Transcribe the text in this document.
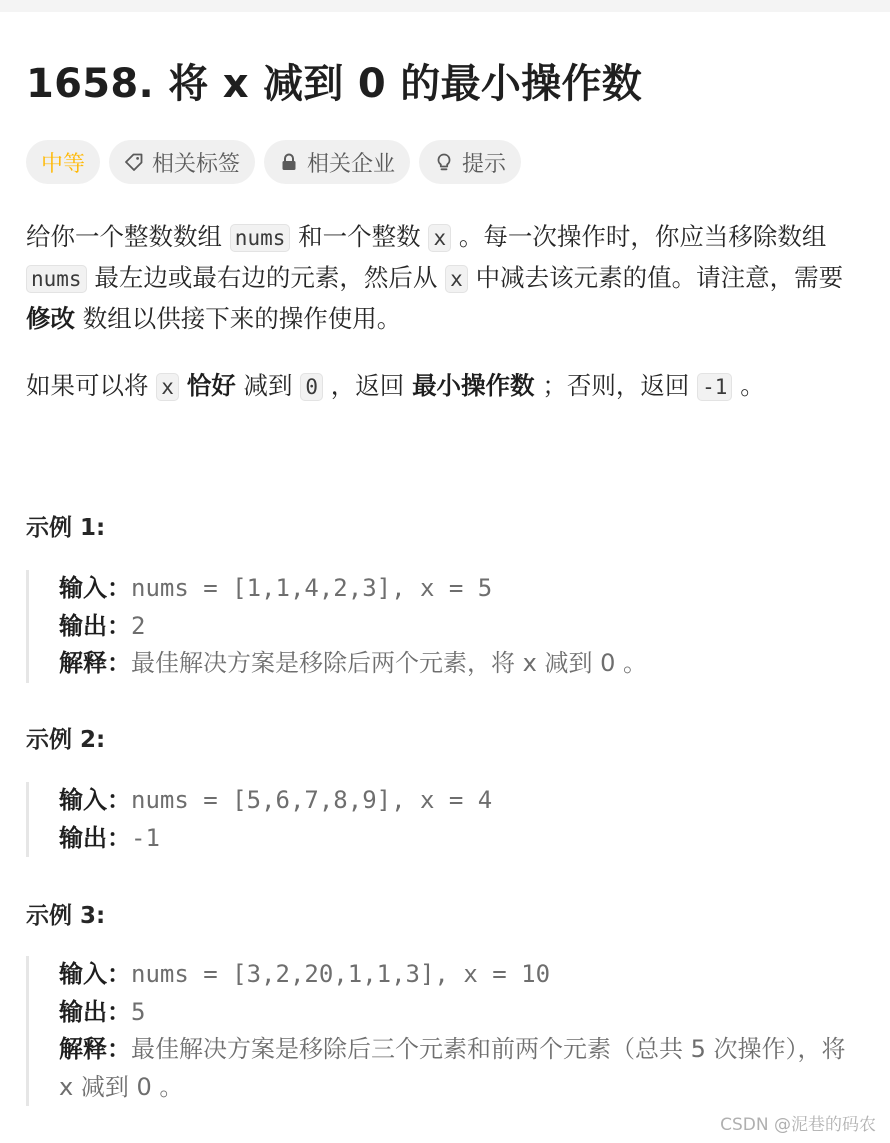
1658. 将 x 减到 0 的最小操作数
中等	相关标签	相关企业	提示

给你一个整数数组 nums 和一个整数 x 。每一次操作时，你应当移除数组 nums 最左边或最右边的元素，然后从 x 中减去该元素的值。请注意，需要 修改 数组以供接下来的操作使用。

如果可以将 x 恰好 减到 0 ，返回 最小操作数 ；否则，返回 -1 。

示例 1:
输入：nums = [1,1,4,2,3], x = 5
输出：2
解释：最佳解决方案是移除后两个元素，将 x 减到 0 。
示例 2:
输入：nums = [5,6,7,8,9], x = 4
输出：-1
示例 3:
输入：nums = [3,2,20,1,1,3], x = 10
输出：5
解释：最佳解决方案是移除后三个元素和前两个元素（总共 5 次操作），将 x 减到 0 。
CSDN @泥巷的码农
